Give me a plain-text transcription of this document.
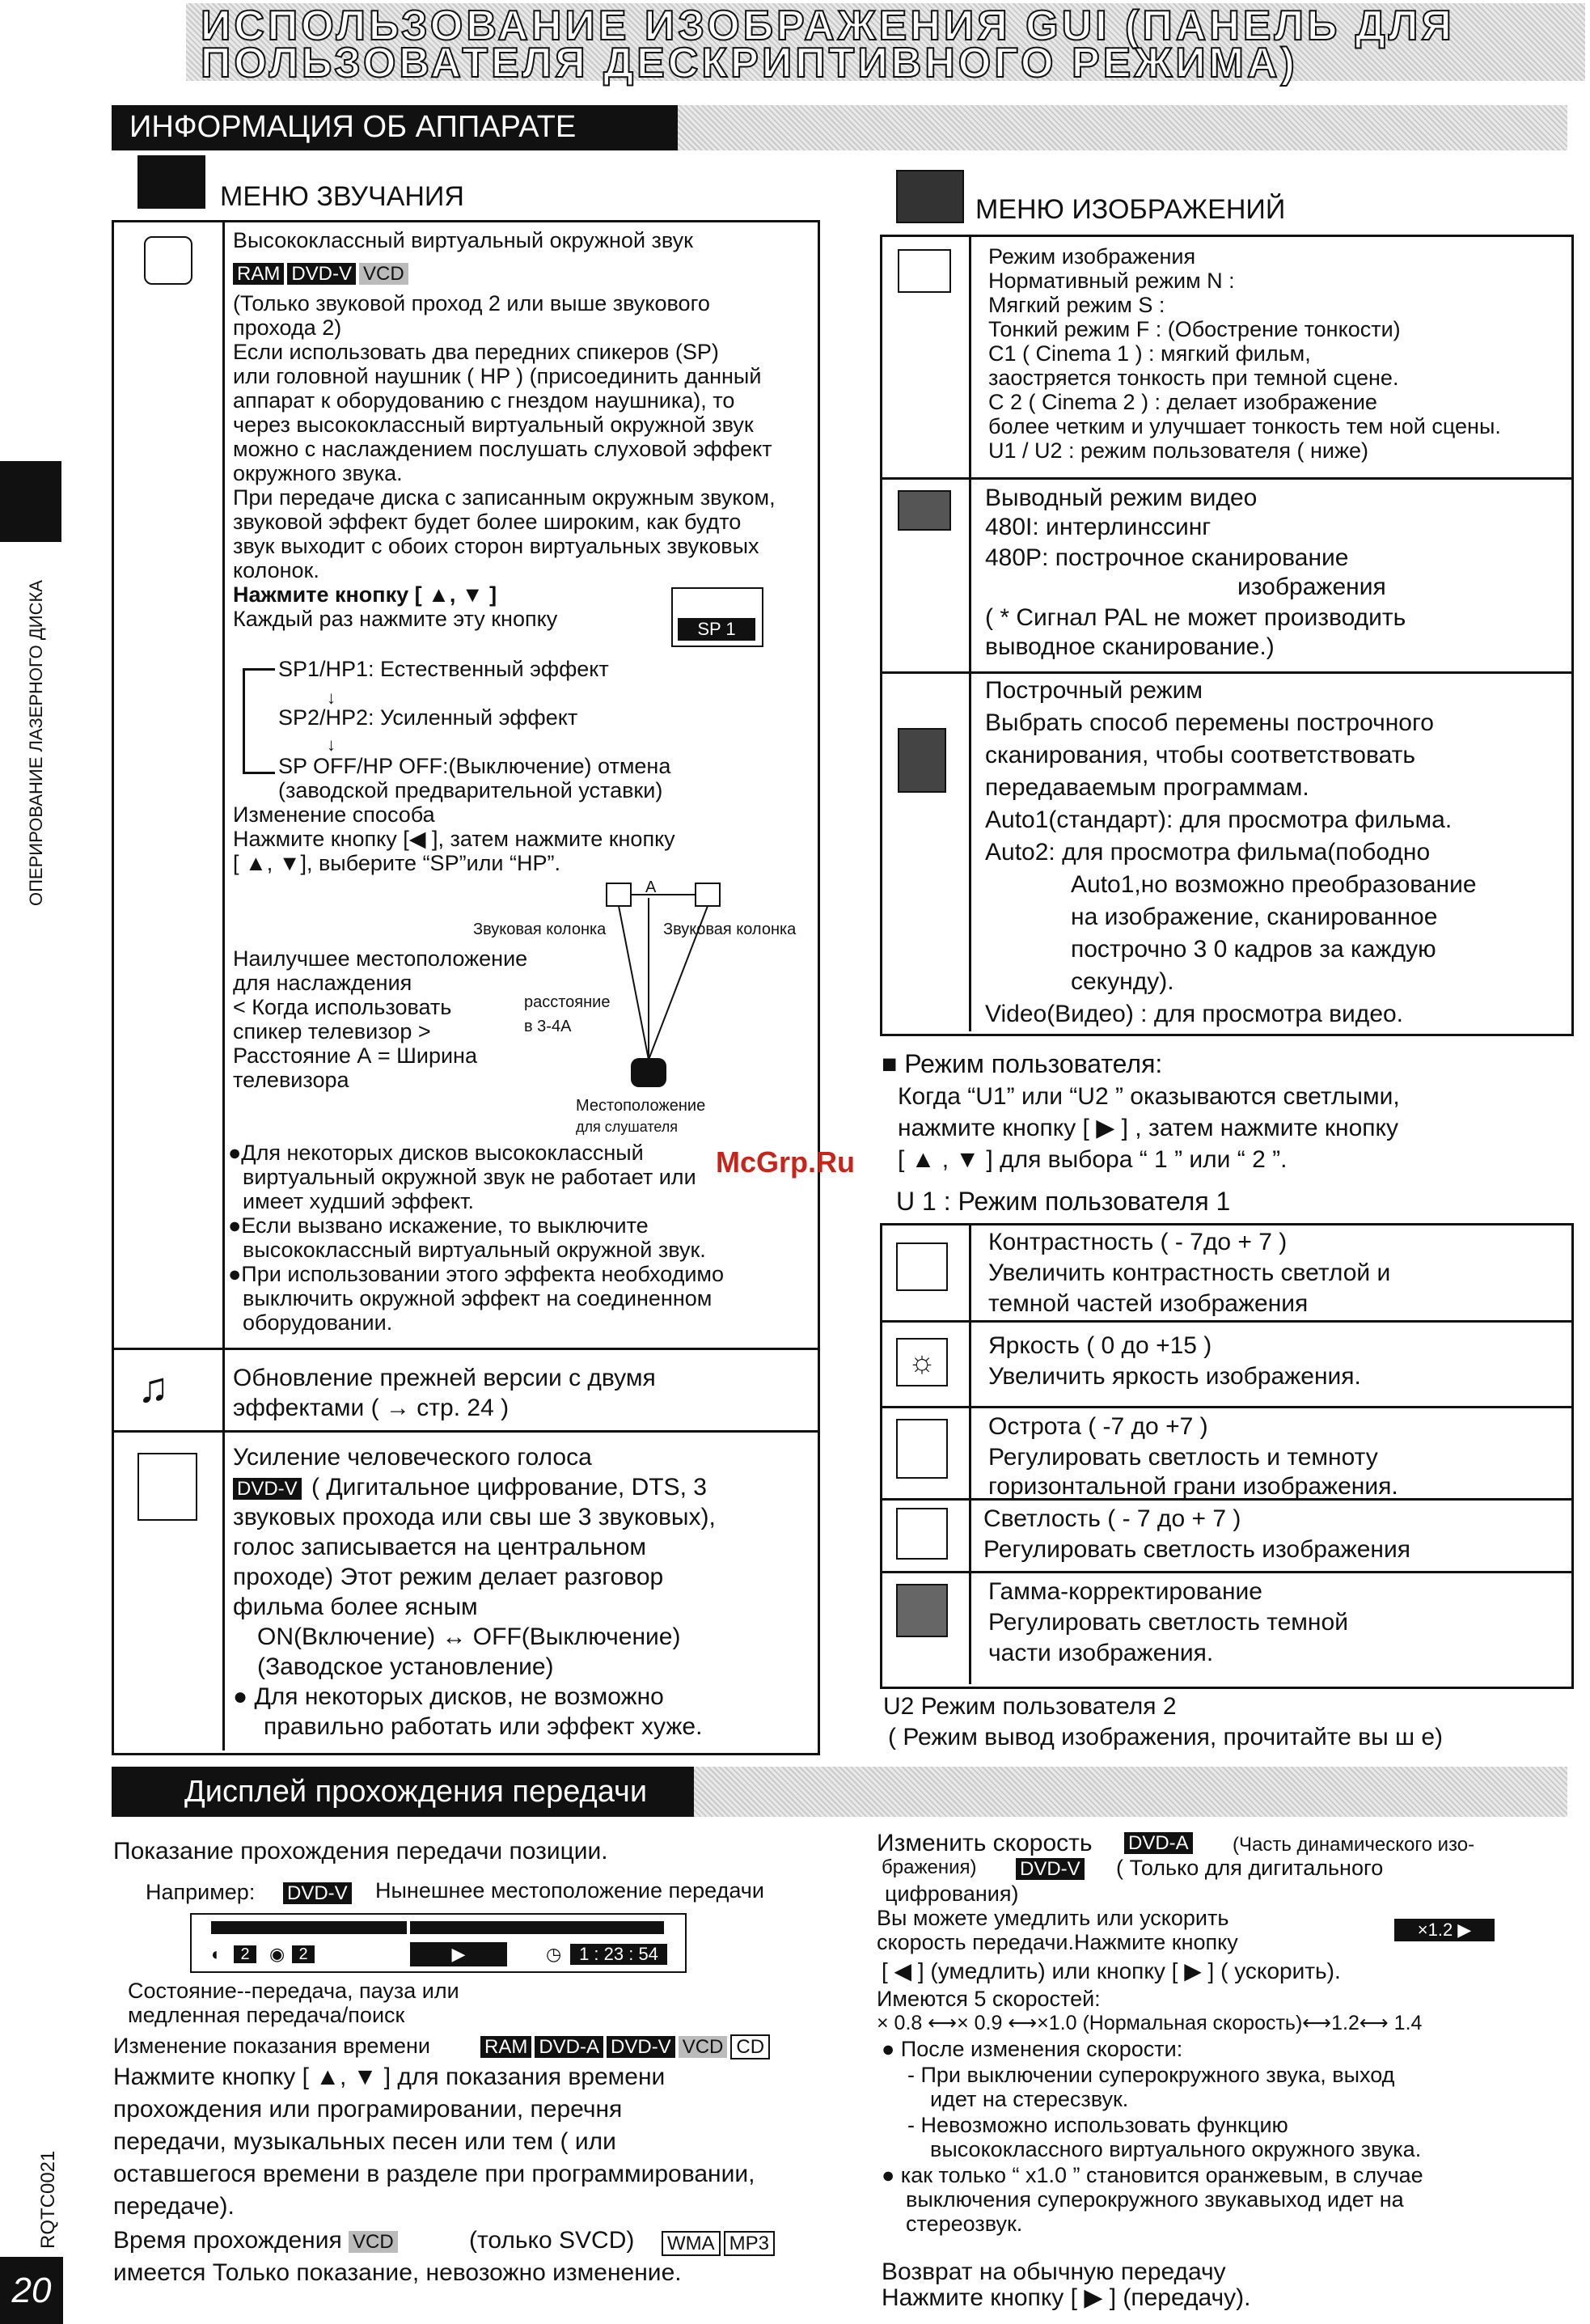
ИСПОЛЬЗОВАНИЕ ИЗОБРАЖЕНИЯ GUI (ПАНЕЛЬ ДЛЯ
ПОЛЬЗОВАТЕЛЯ ДЕСКРИПТИВНОГО РЕЖИМА)
ИНФОРМАЦИЯ ОБ АППАРАТЕ
ОПЕРИРОВАНИЕ ЛАЗЕРНОГО ДИСКА
RQTC0021
20
МЕНЮ ЗВУЧАНИЯ
♫
Высококлассный виртуальный окружной звук
RAM DVD-V VCD
(Только звуковой проход 2 или выше звукового
прохода 2)
Если использовать два передних спикеров (SP)
или головной наушник ( HP ) (присоединить данный
аппарат к оборудованию с гнездом наушника), то
через высококлассный виртуальный окружной звук
можно с наслаждением послушать слуховой эффект
окружного звука.
При передаче диска с записанным окружным звуком,
звуковой эффект будет более широким, как будто
звук выходит с обоих сторон виртуальных звуковых
колонок.
Нажмите кнопку [ ▲, ▼ ]
Каждый раз нажмите эту кнопку	SP 1
SP1/HP1: Естественный эффект
↓
SP2/HP2: Усиленный эффект
↓
SP OFF/HP OFF:(Выключение) отмена
(заводской предварительной уставки)
Изменение способа
Нажмите кнопку [◀ ], затем нажмите кнопку
[ ▲, ▼], выберите “SP”или “HP”.
A
Звуковая колонка	Звуковая колонка
Наилучшее местоположение
для наслаждения
< Когда использовать
спикер телевизор >
Расстояние А = Ширина
телевизора
расстояние
в 3-4А
Местоположение
для слушателя
●Для некоторых дисков высококлассный
виртуальный окружной звук не работает или
имеет худший эффект.
●Если вызвано искажение, то выключите
высококлассный виртуальный окружной звук.
●При использовании этого эффекта необходимо
выключить окружной эффект на соединенном
оборудовании.
Обновление прежней версии с двумя
эффектами ( → стр. 24 )
Усиление человеческого голоса
DVD-V ( Дигитальное цифрование, DTS, 3
звуковых прохода или свы ше 3 звуковых),
голос записывается на центральном
проходе) Этот режим делает разговор
фильма более ясным
ON(Включение) ↔ OFF(Выключение)
(Заводское установление)
● Для некоторых дисков, не возможно
правильно работать или эффект хуже.
МЕНЮ ИЗОБРАЖЕНИЙ
Режим изображения
Нормативный режим N :
Мягкий режим S :
Тонкий режим F : (Обострение тонкости)
C1 ( Cinema 1 ) : мягкий фильм,
заостряется тонкость при темной сцене.
C 2 ( Cinema 2 ) : делает изображение
более четким и улучшает тонкость тем ной сцены.
U1 / U2 : режим пользователя ( ниже)
Выводный режим видео
480I: интерлинссинг
480P: построчное сканирование
изображения
( * Сигнал PAL не может производить
выводное сканирование.)
Построчный режим
Выбрать способ перемены построчного
сканирования, чтобы соответствовать
передаваемым программам.
Auto1(стандарт): для просмотра фильма.
Auto2: для просмотра фильма(пободно
Auto1,но возможно преобразование
на изображение, сканированное
построчно 3 0 кадров за каждую
секунду).
Video(Видео) : для просмотра видео.
■ Режим пользователя:
Когда “U1” или “U2 ” оказываются светлыми,
нажмите кнопку [ ▶ ] , затем нажмите кнопку
[ ▲ , ▼ ] для выбора “ 1 ” или “ 2 ”.
U 1 : Режим пользователя 1
☼
Контрастность ( - 7до + 7 )
Увеличить контрастность светлой и
темной частей изображения
Яркость ( 0 до +15 )
Увеличить яркость изображения.
Острота ( -7 до +7 )
Регулировать светлость и темноту
горизонтальной грани изображения.
Светлость ( - 7 до + 7 )
Регулировать светлость изображения
Гамма-корректирование
Регулировать светлость темной
части изображения.
U2 Режим пользователя 2
( Режим вывод изображения, прочитайте вы ш е)
McGrp.Ru
Дисплей прохождения передачи
Показание прохождения передачи позиции.
Например: DVD-V	Нынешнее местоположение передачи
◐	2	◉ 2	▶	◷ 1 : 23 : 54
Состояние--передача, пауза или
медленная передача/поиск
Изменение показания времени	RAM DVD-A DVD-V VCD CD
Нажмите кнопку [ ▲, ▼ ] для показания времени
прохождения или програмировании, перечня
передачи, музыкальных песен или тем ( или
оставшегося времени в разделе при программировании,
передаче).
Время прохождения VCD	(только SVCD) WMA MP3
имеется Только показание, невозожно изменение.
Изменить скорость DVD-A	(Часть динамического изо-
бражения) DVD-V	( Только для дигитального
цифрования)
×1.2 ▶
Вы можете умедлить или ускорить
скорость передачи.Нажмите кнопку
[ ◀ ] (умедлить) или кнопку [ ▶ ] ( ускорить).
Имеются 5 скоростей:
× 0.8 ⟷× 0.9 ⟷×1.0 (Нормальная скорость)⟷1.2⟷ 1.4
● После изменения скорости:
- При выключении суперокружного звука, выход
идет на стересзвук.
- Невозможно использовать функцию
высококлассного виртуального окружного звука.
● как только “ x1.0 ” становится оранжевым, в случае
выключения суперокружного звукавыход идет на
стереозвук.
Возврат на обычную передачу
Нажмите кнопку [ ▶ ] (передачу).
